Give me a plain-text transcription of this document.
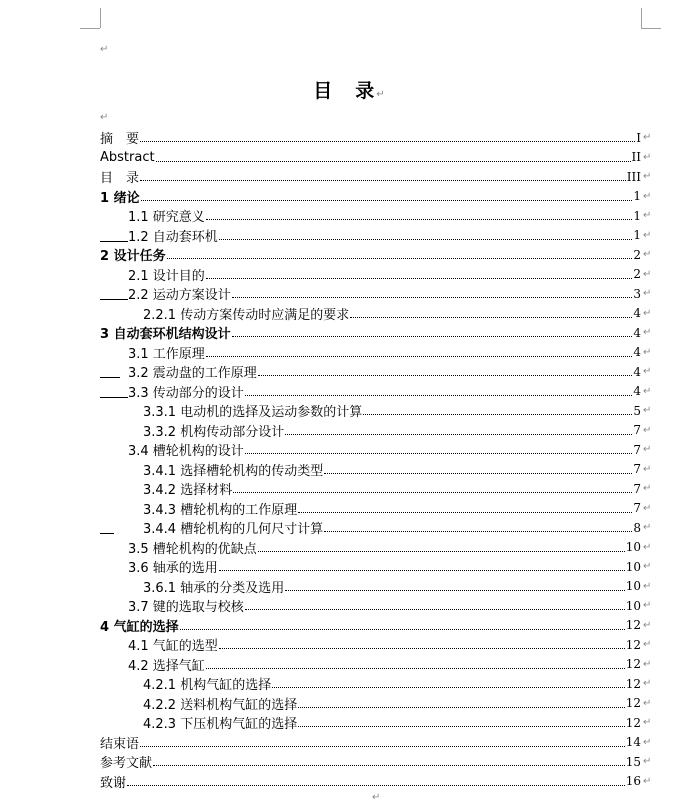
↵
↵
↵
目　录↵
摘　要	I ↵
Abstract	II ↵
目　录	III ↵
1 绪论	1 ↵
1.1 研究意义	1 ↵
1.2 自动套环机	1 ↵
2 设计任务	2 ↵
2.1 设计目的	2 ↵
2.2 运动方案设计	3 ↵
2.2.1 传动方案传动时应满足的要求	4 ↵
3 自动套环机结构设计	4 ↵
3.1 工作原理	4 ↵
3.2 震动盘的工作原理	4 ↵
3.3 传动部分的设计	4 ↵
3.3.1 电动机的选择及运动参数的计算	5 ↵
3.3.2 机构传动部分设计	7 ↵
3.4 槽轮机构的设计	7 ↵
3.4.1 选择槽轮机构的传动类型	7 ↵
3.4.2 选择材料	7 ↵
3.4.3 槽轮机构的工作原理	7 ↵
3.4.4 槽轮机构的几何尺寸计算	8 ↵
3.5 槽轮机构的优缺点	10 ↵
3.6 轴承的选用	10 ↵
3.6.1 轴承的分类及选用	10 ↵
3.7 键的选取与校核	10 ↵
4 气缸的选择	12 ↵
4.1 气缸的选型	12 ↵
4.2 选择气缸	12 ↵
4.2.1 机构气缸的选择	12 ↵
4.2.2 送料机构气缸的选择	12 ↵
4.2.3 下压机构气缸的选择	12 ↵
结束语	14 ↵
参考文献	15 ↵
致谢	16 ↵
